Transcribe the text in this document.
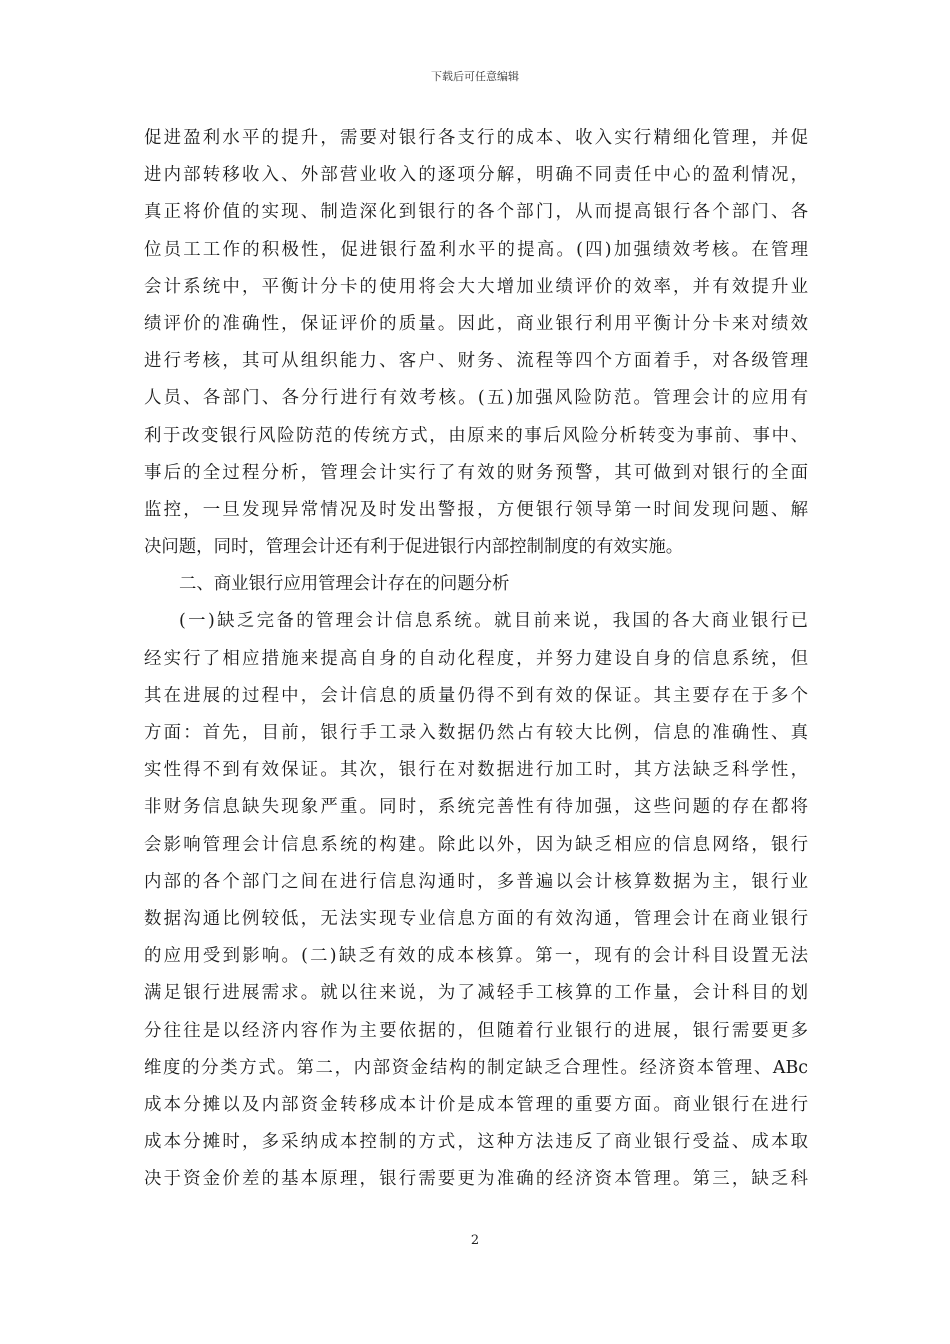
下载后可任意编辑
促进盈利水平的提升，需要对银行各支行的成本、收入实行精细化管理，并促
进内部转移收入、外部营业收入的逐项分解，明确不同责任中心的盈利情况，
真正将价值的实现、制造深化到银行的各个部门，从而提高银行各个部门、各
位员工工作的积极性，促进银行盈利水平的提高。(四)加强绩效考核。在管理
会计系统中，平衡计分卡的使用将会大大增加业绩评价的效率，并有效提升业
绩评价的准确性，保证评价的质量。因此，商业银行利用平衡计分卡来对绩效
进行考核，其可从组织能力、客户、财务、流程等四个方面着手，对各级管理
人员、各部门、各分行进行有效考核。(五)加强风险防范。管理会计的应用有
利于改变银行风险防范的传统方式，由原来的事后风险分析转变为事前、事中、
事后的全过程分析，管理会计实行了有效的财务预警，其可做到对银行的全面
监控，一旦发现异常情况及时发出警报，方便银行领导第一时间发现问题、解
决问题，同时，管理会计还有利于促进银行内部控制制度的有效实施。
二、商业银行应用管理会计存在的问题分析
(一)缺乏完备的管理会计信息系统。就目前来说，我国的各大商业银行已
经实行了相应措施来提高自身的自动化程度，并努力建设自身的信息系统，但
其在进展的过程中，会计信息的质量仍得不到有效的保证。其主要存在于多个
方面：首先，目前，银行手工录入数据仍然占有较大比例，信息的准确性、真
实性得不到有效保证。其次，银行在对数据进行加工时，其方法缺乏科学性，
非财务信息缺失现象严重。同时，系统完善性有待加强，这些问题的存在都将
会影响管理会计信息系统的构建。除此以外，因为缺乏相应的信息网络，银行
内部的各个部门之间在进行信息沟通时，多普遍以会计核算数据为主，银行业
数据沟通比例较低，无法实现专业信息方面的有效沟通，管理会计在商业银行
的应用受到影响。(二)缺乏有效的成本核算。第一，现有的会计科目设置无法
满足银行进展需求。就以往来说，为了减轻手工核算的工作量，会计科目的划
分往往是以经济内容作为主要依据的，但随着行业银行的进展，银行需要更多
维度的分类方式。第二，内部资金结构的制定缺乏合理性。经济资本管理、ABc
成本分摊以及内部资金转移成本计价是成本管理的重要方面。商业银行在进行
成本分摊时，多采纳成本控制的方式，这种方法违反了商业银行受益、成本取
决于资金价差的基本原理，银行需要更为准确的经济资本管理。第三，缺乏科
2
